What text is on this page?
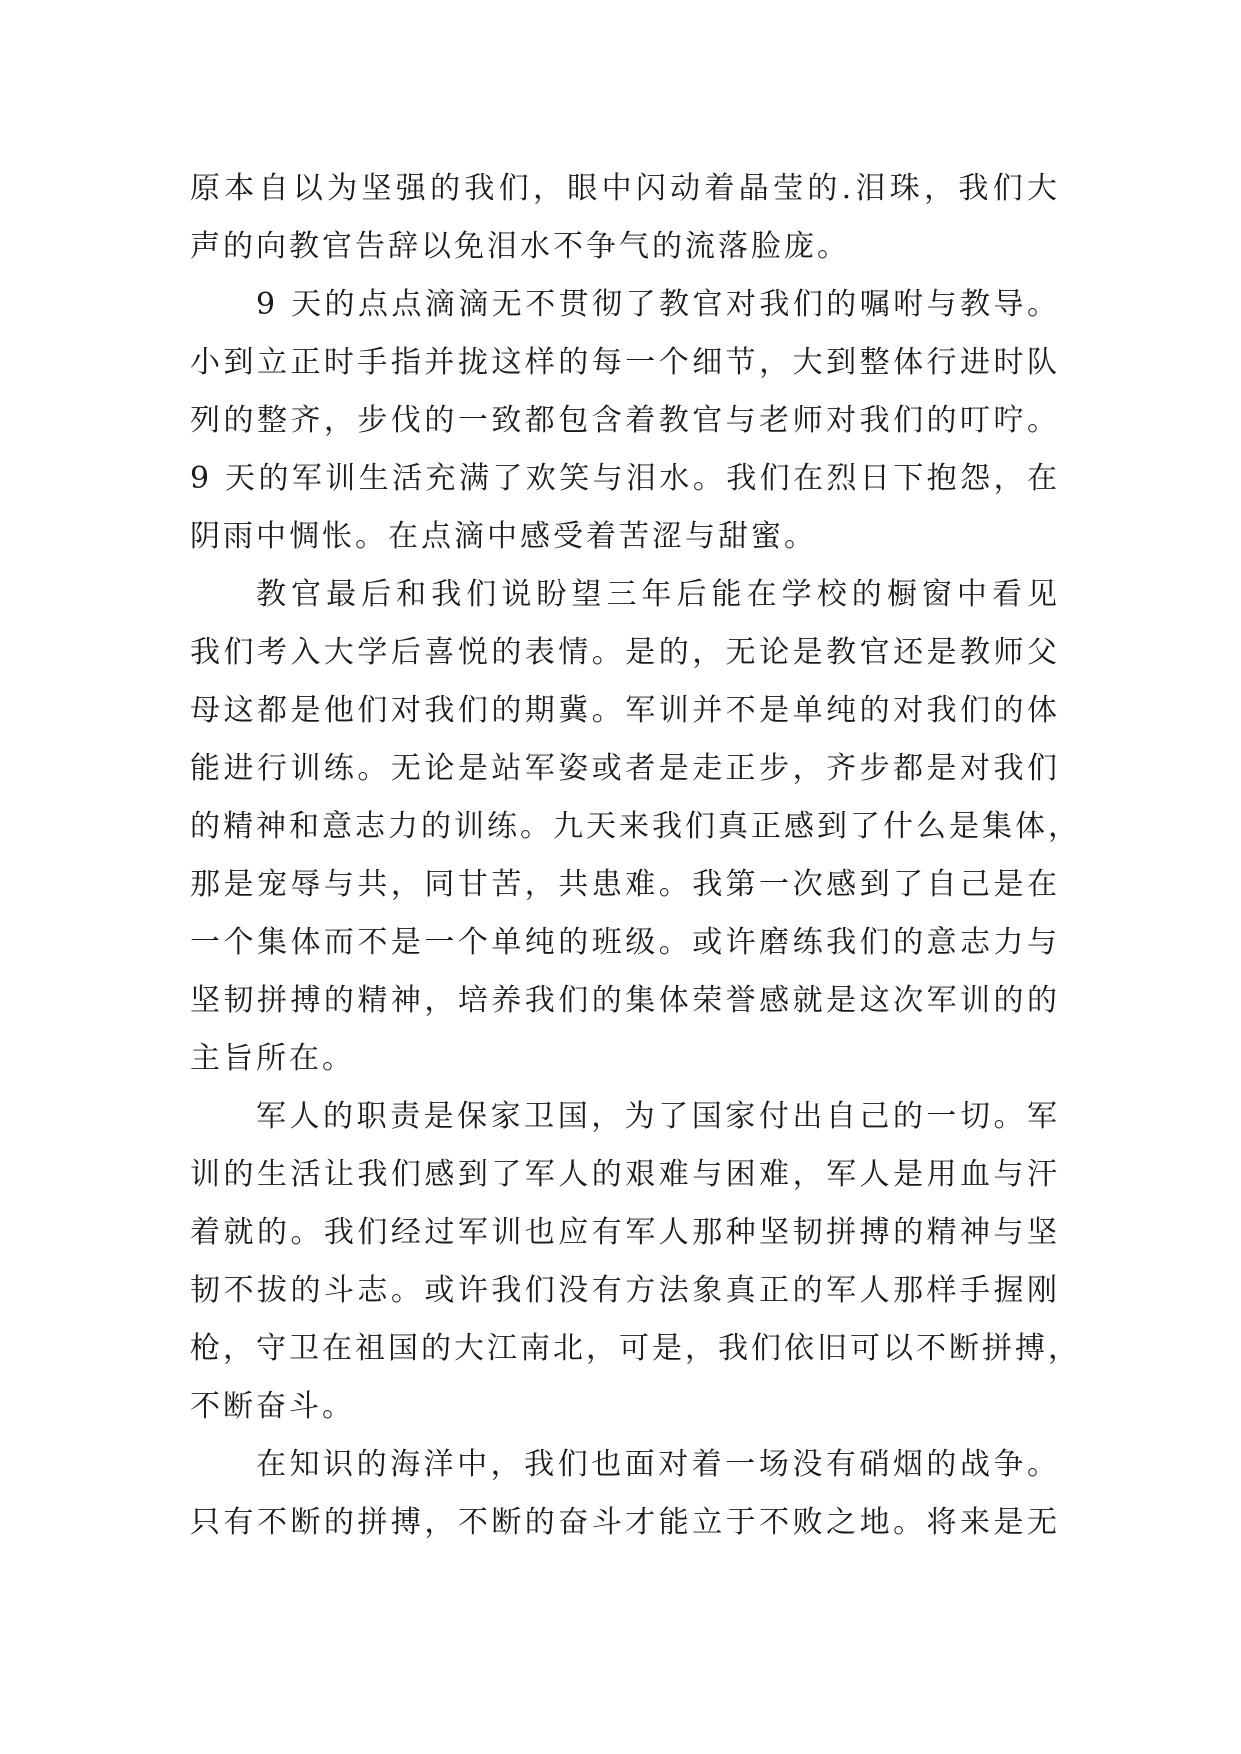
原本自以为坚强的我们，眼中闪动着晶莹的.泪珠，我们大
声的向教官告辞以免泪水不争气的流落脸庞。
9 天的点点滴滴无不贯彻了教官对我们的嘱咐与教导。
小到立正时手指并拢这样的每一个细节，大到整体行进时队
列的整齐，步伐的一致都包含着教官与老师对我们的叮咛。
9 天的军训生活充满了欢笑与泪水。我们在烈日下抱怨，在
阴雨中惆怅。在点滴中感受着苦涩与甜蜜。
教官最后和我们说盼望三年后能在学校的橱窗中看见
我们考入大学后喜悦的表情。是的，无论是教官还是教师父
母这都是他们对我们的期冀。军训并不是单纯的对我们的体
能进行训练。无论是站军姿或者是走正步，齐步都是对我们
的精神和意志力的训练。九天来我们真正感到了什么是集体，
那是宠辱与共，同甘苦，共患难。我第一次感到了自己是在
一个集体而不是一个单纯的班级。或许磨练我们的意志力与
坚韧拼搏的精神，培养我们的集体荣誉感就是这次军训的的
主旨所在。
军人的职责是保家卫国，为了国家付出自己的一切。军
训的生活让我们感到了军人的艰难与困难，军人是用血与汗
着就的。我们经过军训也应有军人那种坚韧拼搏的精神与坚
韧不拔的斗志。或许我们没有方法象真正的军人那样手握刚
枪，守卫在祖国的大江南北，可是，我们依旧可以不断拼搏，
不断奋斗。
在知识的海洋中，我们也面对着一场没有硝烟的战争。
只有不断的拼搏，不断的奋斗才能立于不败之地。将来是无
